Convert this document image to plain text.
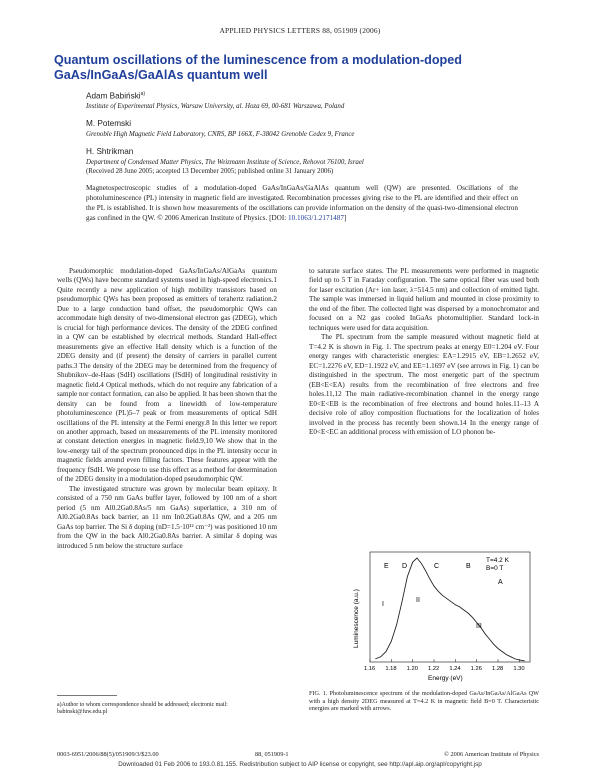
APPLIED PHYSICS LETTERS 88, 051909 (2006)
Quantum oscillations of the luminescence from a modulation-doped GaAs/InGaAs/GaAlAs quantum well
Adam Babiński$^{a)}$
Institute of Experimental Physics, Warsaw University, al. Hoza 69, 00-681 Warszawa, Poland
M. Potemski
Grenoble High Magnetic Field Laboratory, CNRS, BP 166X, F-38042 Grenoble Cedex 9, France
H. Shtrikman
Department of Condensed Matter Physics, The Weizmann Institute of Science, Rehovot 76100, Israel
(Received 28 June 2005; accepted 13 December 2005; published online 31 January 2006)
Magnetospectroscopic studies of a modulation-doped GaAs/InGaAs/GaAlAs quantum well (QW) are presented. Oscillations of the photoluminescence (PL) intensity in magnetic field are investigated. Recombination processes giving rise to the PL are identified and their effect on the PL is established. It is shown how measurements of the oscillations can provide information on the density of the quasi-two-dimensional electron gas confined in the QW. © 2006 American Institute of Physics. [DOI: 10.1063/1.2171487]

Pseudomorphic modulation-doped GaAs/InGaAs/AlGaAs quantum wells (QWs) have become standard systems used in high-speed electronics.1 Quite recently a new application of high mobility transistors based on pseudomorphic QWs has been proposed as emitters of terahertz radiation.2 Due to a large conduction band offset, the pseudomorphic QWs can accommodate high density of two-dimensional electron gas (2DEG), which is crucial for high performance devices. The density of the 2DEG confined in a QW can be established by electrical methods. Standard Hall-effect measurements give an effective Hall density which is a function of the 2DEG density and (if present) the density of carriers in parallel current paths.3 The density of the 2DEG may be determined from the frequency of Shubnikov–de-Haas (SdH) oscillations (fSdH) of longitudinal resistivity in magnetic field.4 Optical methods, which do not require any fabrication of a sample nor contact formation, can also be applied. It has been shown that the density can be found from a linewidth of low-temperature photoluminescence (PL)5–7 peak or from measurements of optical SdH oscillations of the PL intensity at the Fermi energy.8 In this letter we report on another approach, based on measurements of the PL intensity monitored at constant detection energies in magnetic field.9,10 We show that in the low-energy tail of the spectrum pronounced dips in the PL intensity occur in magnetic fields around even filling factors. These features appear with the frequency fSdH. We propose to use this effect as a method for determination of the 2DEG density in a modulation-doped pseudomorphic QW.

The investigated structure was grown by molecular beam epitaxy. It consisted of a 750 nm GaAs buffer layer, followed by 100 nm of a short period (5 nm Al0.2Ga0.8As/5 nm GaAs) superlattice, a 310 nm of Al0.2Ga0.8As back barrier, an 11 nm In0.2Ga0.8As QW, and a 205 nm GaAs top barrier. The Si δ doping (nD=1.5·10¹² cm⁻²) was positioned 10 nm from the QW in the back Al0.2Ga0.8As barrier. A similar δ doping was introduced 5 nm below the structure surface

a)Author to whom correspondence should be addressed; electronic mail: babinski@fuw.edu.pl

to saturate surface states. The PL measurements were performed in magnetic field up to 5 T in Faraday configuration. The same optical fiber was used both for laser excitation (Ar+ ion laser, λ=514.5 nm) and collection of emitted light. The sample was immersed in liquid helium and mounted in close proximity to the end of the fiber. The collected light was dispersed by a monochromator and focused on a N2 gas cooled InGaAs photomultiplier. Standard lock-in techniques were used for data acquisition.

The PL spectrum from the sample measured without magnetic field at T=4.2 K is shown in Fig. 1. The spectrum peaks at energy E0=1.204 eV. Four energy ranges with characteristic energies: EA=1.2915 eV, EB=1.2652 eV, EC=1.2276 eV, ED=1.1922 eV, and EE=1.1697 eV (see arrows in Fig. 1) can be distinguished in the spectrum. The most energetic part of the spectrum (EB<E<EA) results from the recombination of free electrons and free holes.11,12 The main radiative-recombination channel in the energy range E0<E<EB is the recombination of free electrons and bound holes.11–13 A decisive role of alloy composition fluctuations for the localization of holes involved in the process has recently been shown.14 In the energy range of E0<E<EC an additional process with emission of LO phonon be-

1.16 1.18 1.20 1.22 1.24 1.26 1.28 1.30
Luminescence (a.u.)
Energy (eV)
T=4.2 K
B=0 T
E D	C	B
A
I
II
III
FIG. 1. Photoluminescence spectrum of the modulation-doped GaAs/InGaAs/AlGaAs QW with a high density 2DEG measured at T=4.2 K in magnetic field B=0 T. Characteristic energies are marked with arrows.
0003-6951/2006/88(5)/051909/3/$23.00	88, 051909-1	© 2006 American Institute of Physics
Downloaded 01 Feb 2006 to 193.0.81.155. Redistribution subject to AIP license or copyright, see http://apl.aip.org/apl/copyright.jsp
